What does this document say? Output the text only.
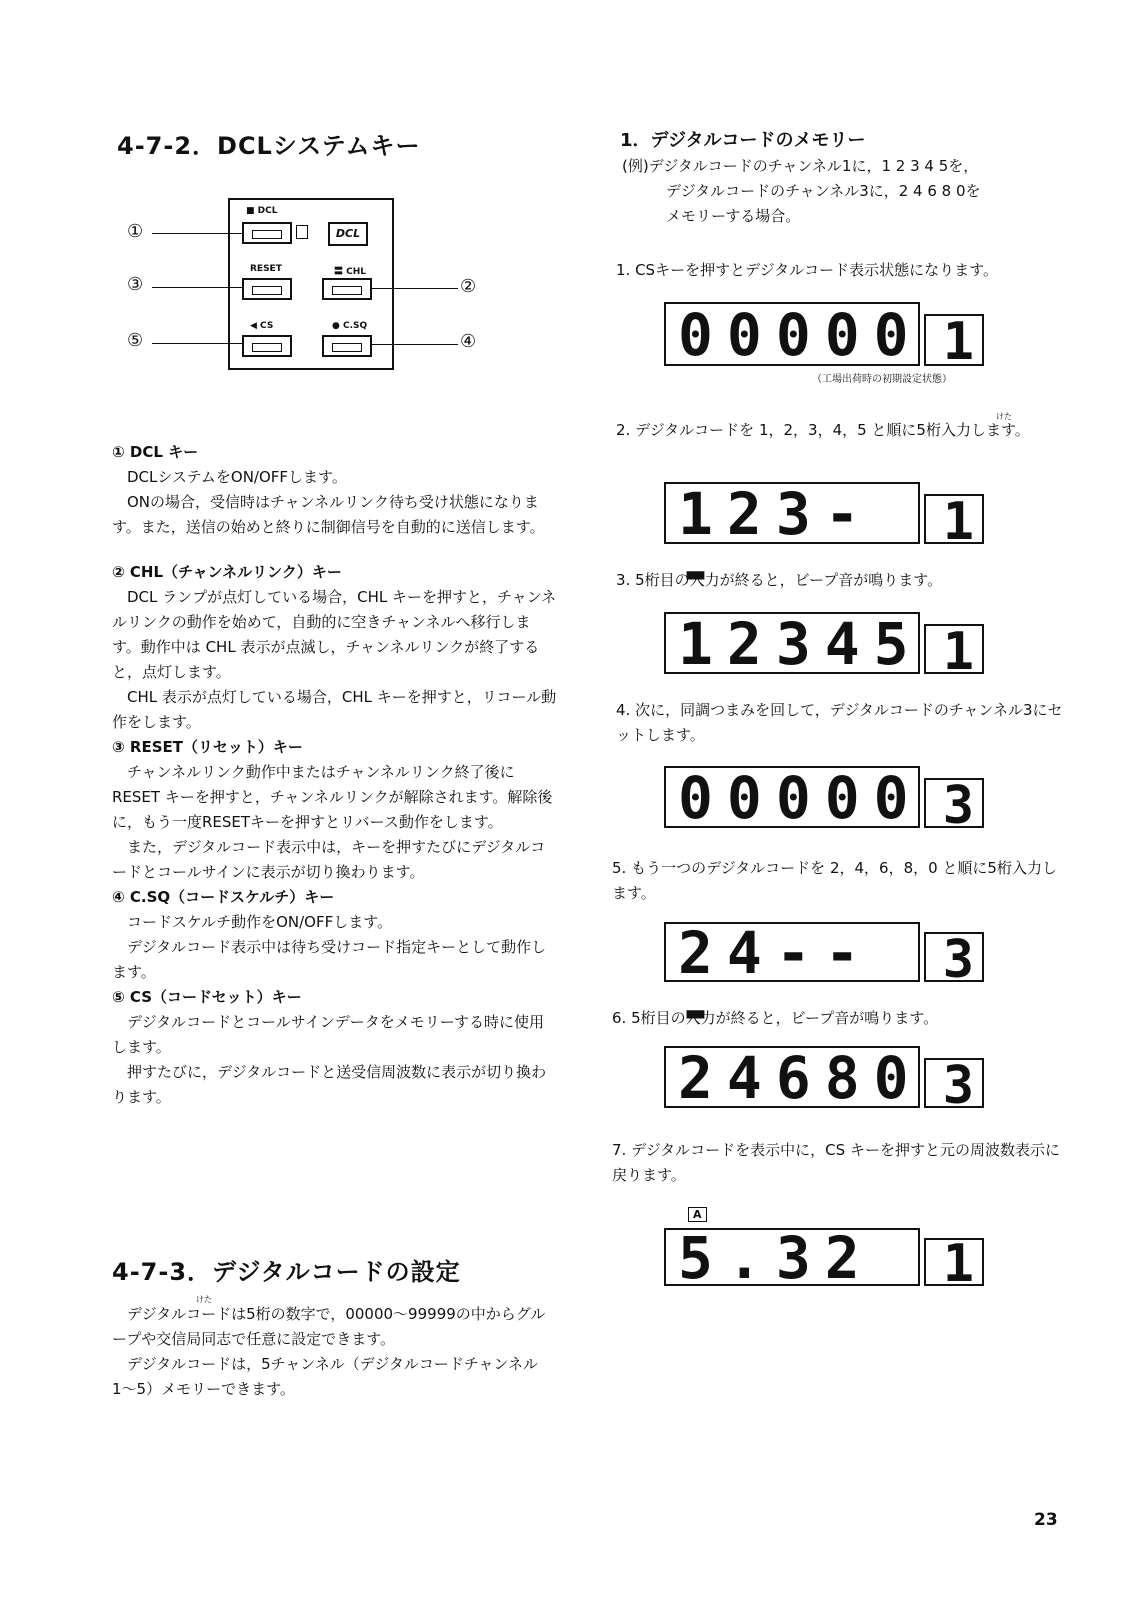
4-7-2．DCLシステムキー
■ DCL
DCL
RESET	〓 CHL
◀ CS	● C.SQ
①
③
⑤
②
④
① DCL キー
DCLシステムをON/OFFします。
ONの場合，受信時はチャンネルリンク待ち受け状態になります。また，送信の始めと終りに制御信号を自動的に送信します。
② CHL（チャンネルリンク）キー
DCL ランプが点灯している場合，CHL キーを押すと，チャンネルリンクの動作を始めて，自動的に空きチャンネルへ移行します。動作中は CHL 表示が点滅し，チャンネルリンクが終了すると，点灯します。
CHL 表示が点灯している場合，CHL キーを押すと，リコール動作をします。
③ RESET（リセット）キー
チャンネルリンク動作中またはチャンネルリンク終了後に RESET キーを押すと，チャンネルリンクが解除されます。解除後に，もう一度RESETキーを押すとリバース動作をします。
また，デジタルコード表示中は，キーを押すたびにデジタルコードとコールサインに表示が切り換わります。
④ C.SQ（コードスケルチ）キー
コードスケルチ動作をON/OFFします。
デジタルコード表示中は待ち受けコード指定キーとして動作します。
⑤ CS（コードセット）キー
デジタルコードとコールサインデータをメモリーする時に使用します。
押すたびに，デジタルコードと送受信周波数に表示が切り換わります。
4-7-3．デジタルコードの設定
けた
デジタルコードは5桁の数字で，00000〜99999の中からグループや交信局同志で任意に設定できます。
デジタルコードは，5チャンネル（デジタルコードチャンネル1〜5）メモリーできます。
1．デジタルコードのメモリー
(例)デジタルコードのチャンネル1に，1 2 3 4 5を，
デジタルコードのチャンネル3に，2 4 6 8 0を
メモリーする場合。
1. CSキーを押すとデジタルコード表示状態になります。
00000 1
（工場出荷時の初期設定状態）
けた
2. デジタルコードを 1，2，3，4，5 と順に5桁入力します。
123--
1
3. 5桁目の入力が終ると，ビープ音が鳴ります。
12345 1
4. 次に，同調つまみを回して，デジタルコードのチャンネル3にセットします。
00000 3
5. もう一つのデジタルコードを 2，4，6，8，0 と順に5桁入力します。
24---
3
6. 5桁目の入力が終ると，ビープ音が鳴ります。
24680 3
7. デジタルコードを表示中に，CS キーを押すと元の周波数表示に戻ります。
A
5.32 1
23
